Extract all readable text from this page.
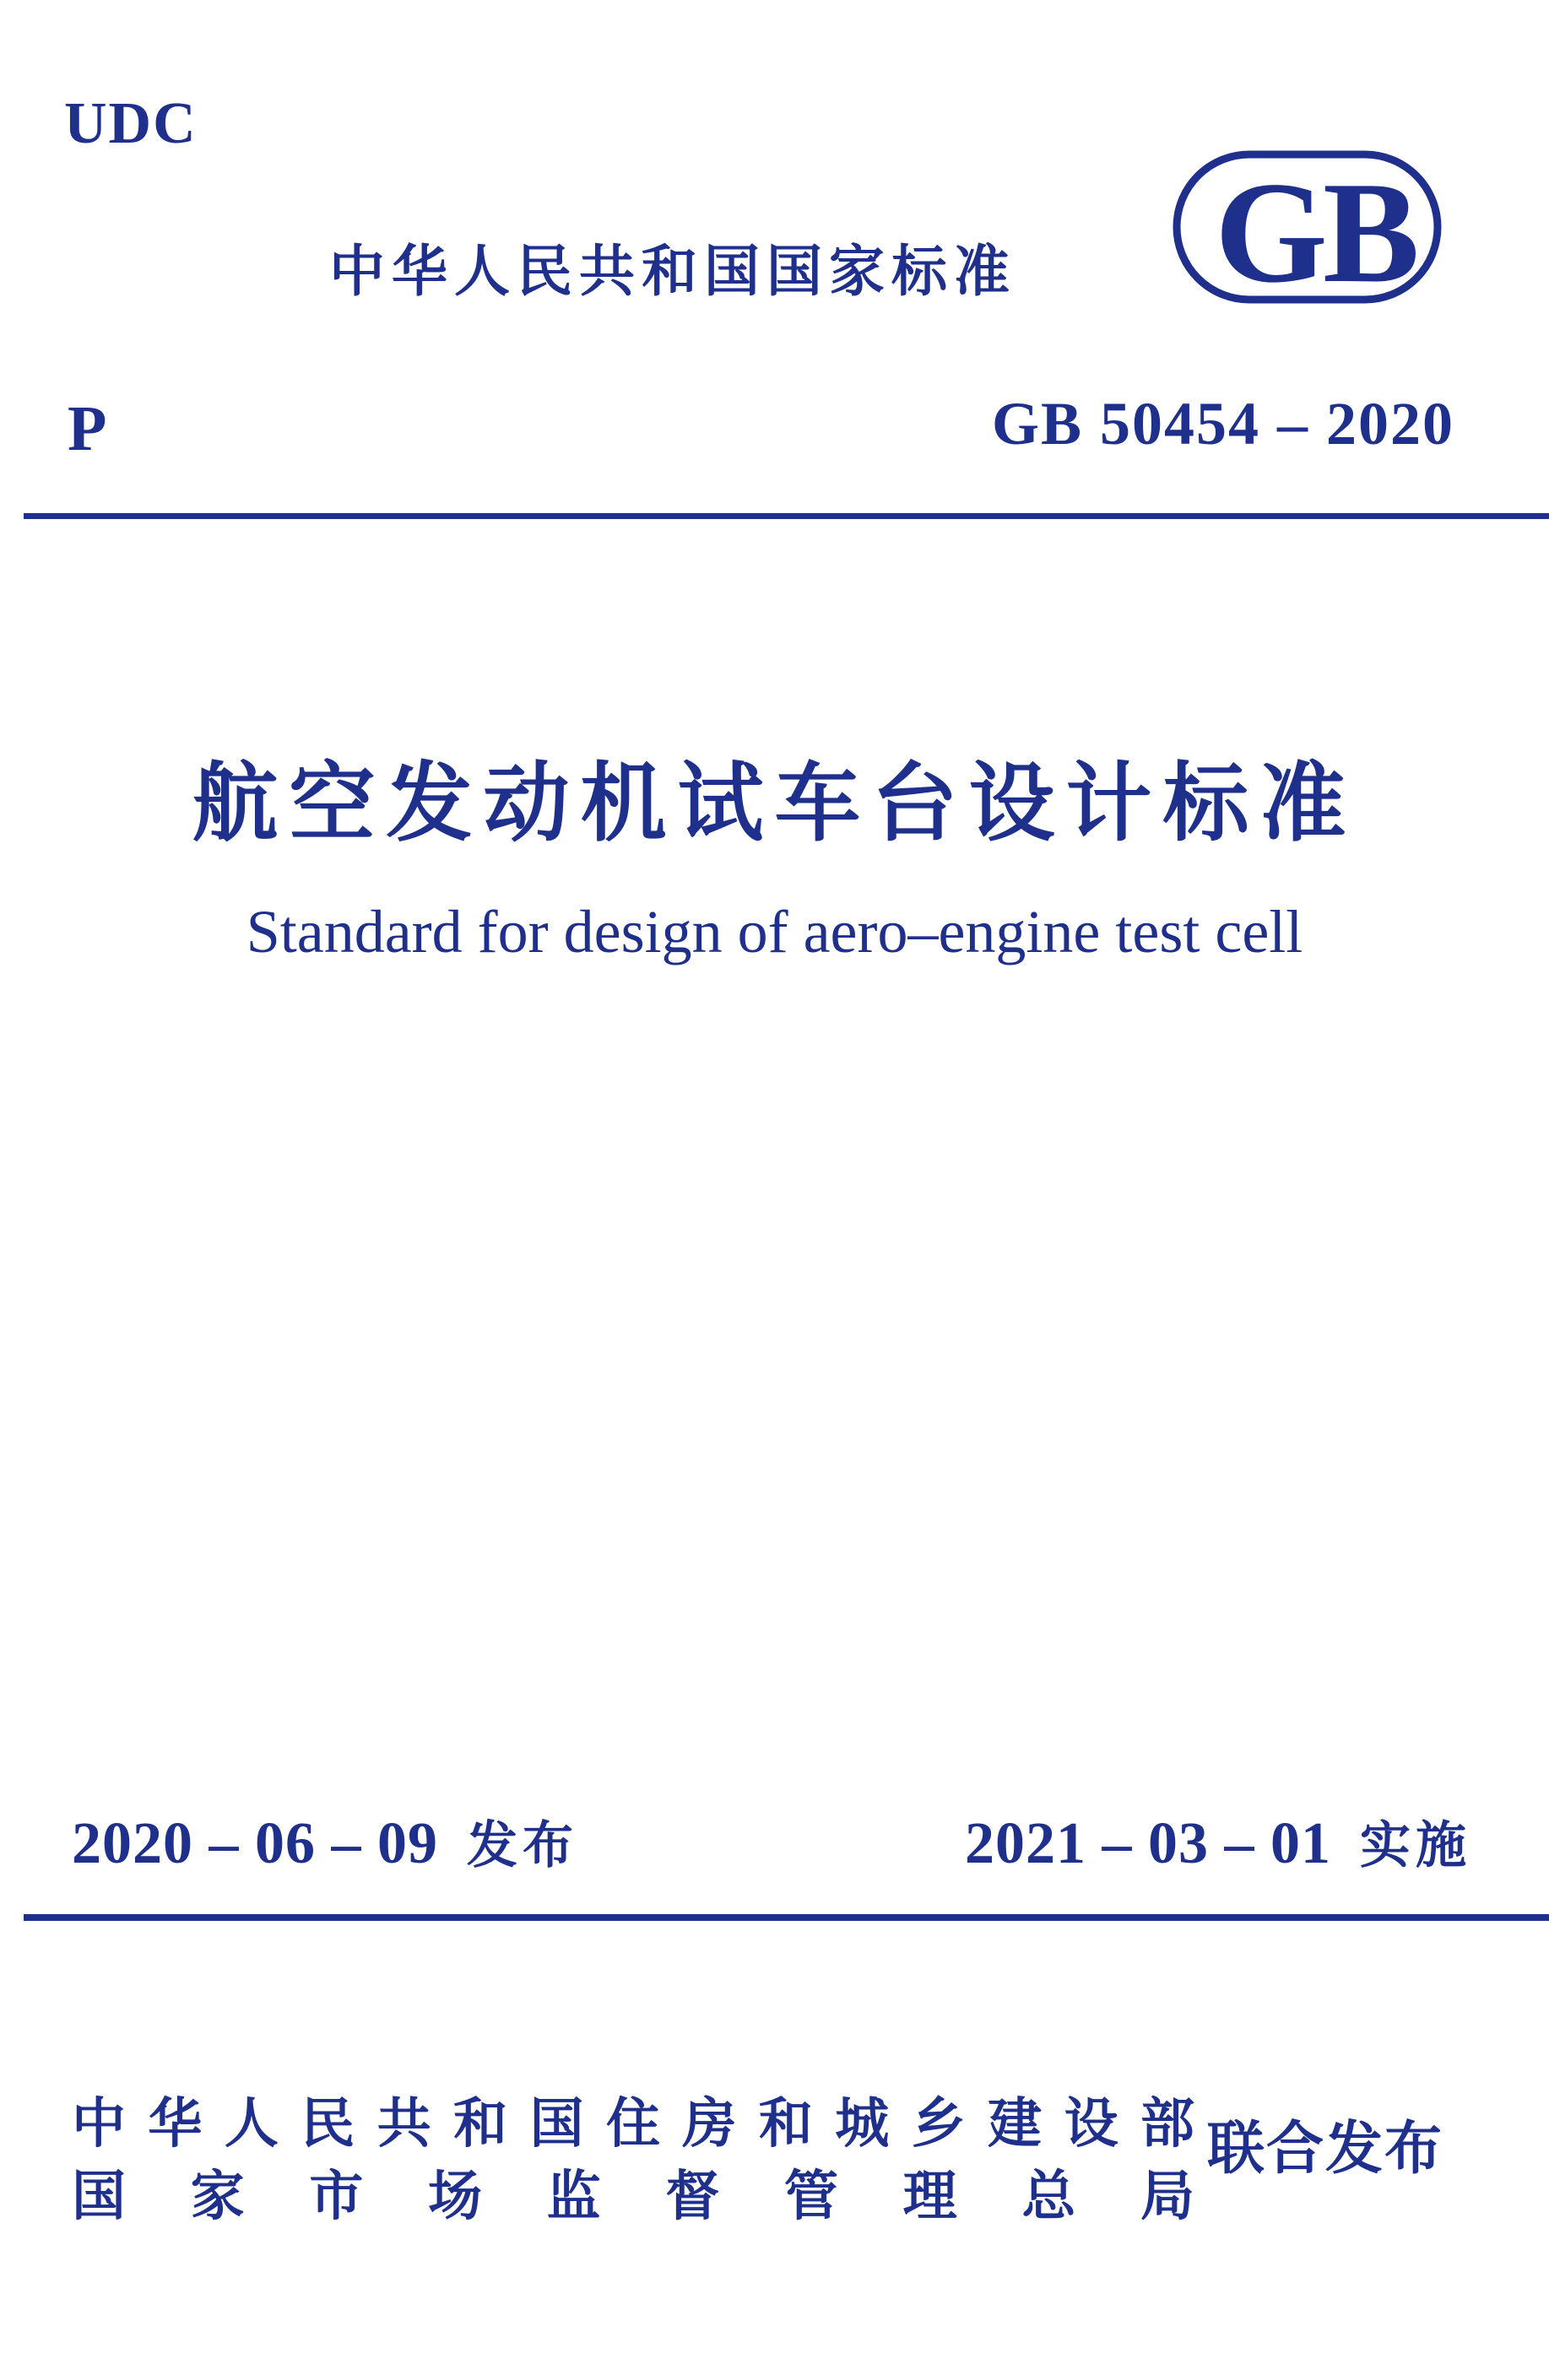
UDC
中华人民共和国国家标准 G
B
P	GB 50454 – 2020
航空发动机试车台设计标准
Standard for design of aero–engine test cell
2020 – 06 – 09 发布	2021 – 03 – 01 实施
中华人民共和国住房和城乡建设部
国家市场监督管理总局
联合发布
